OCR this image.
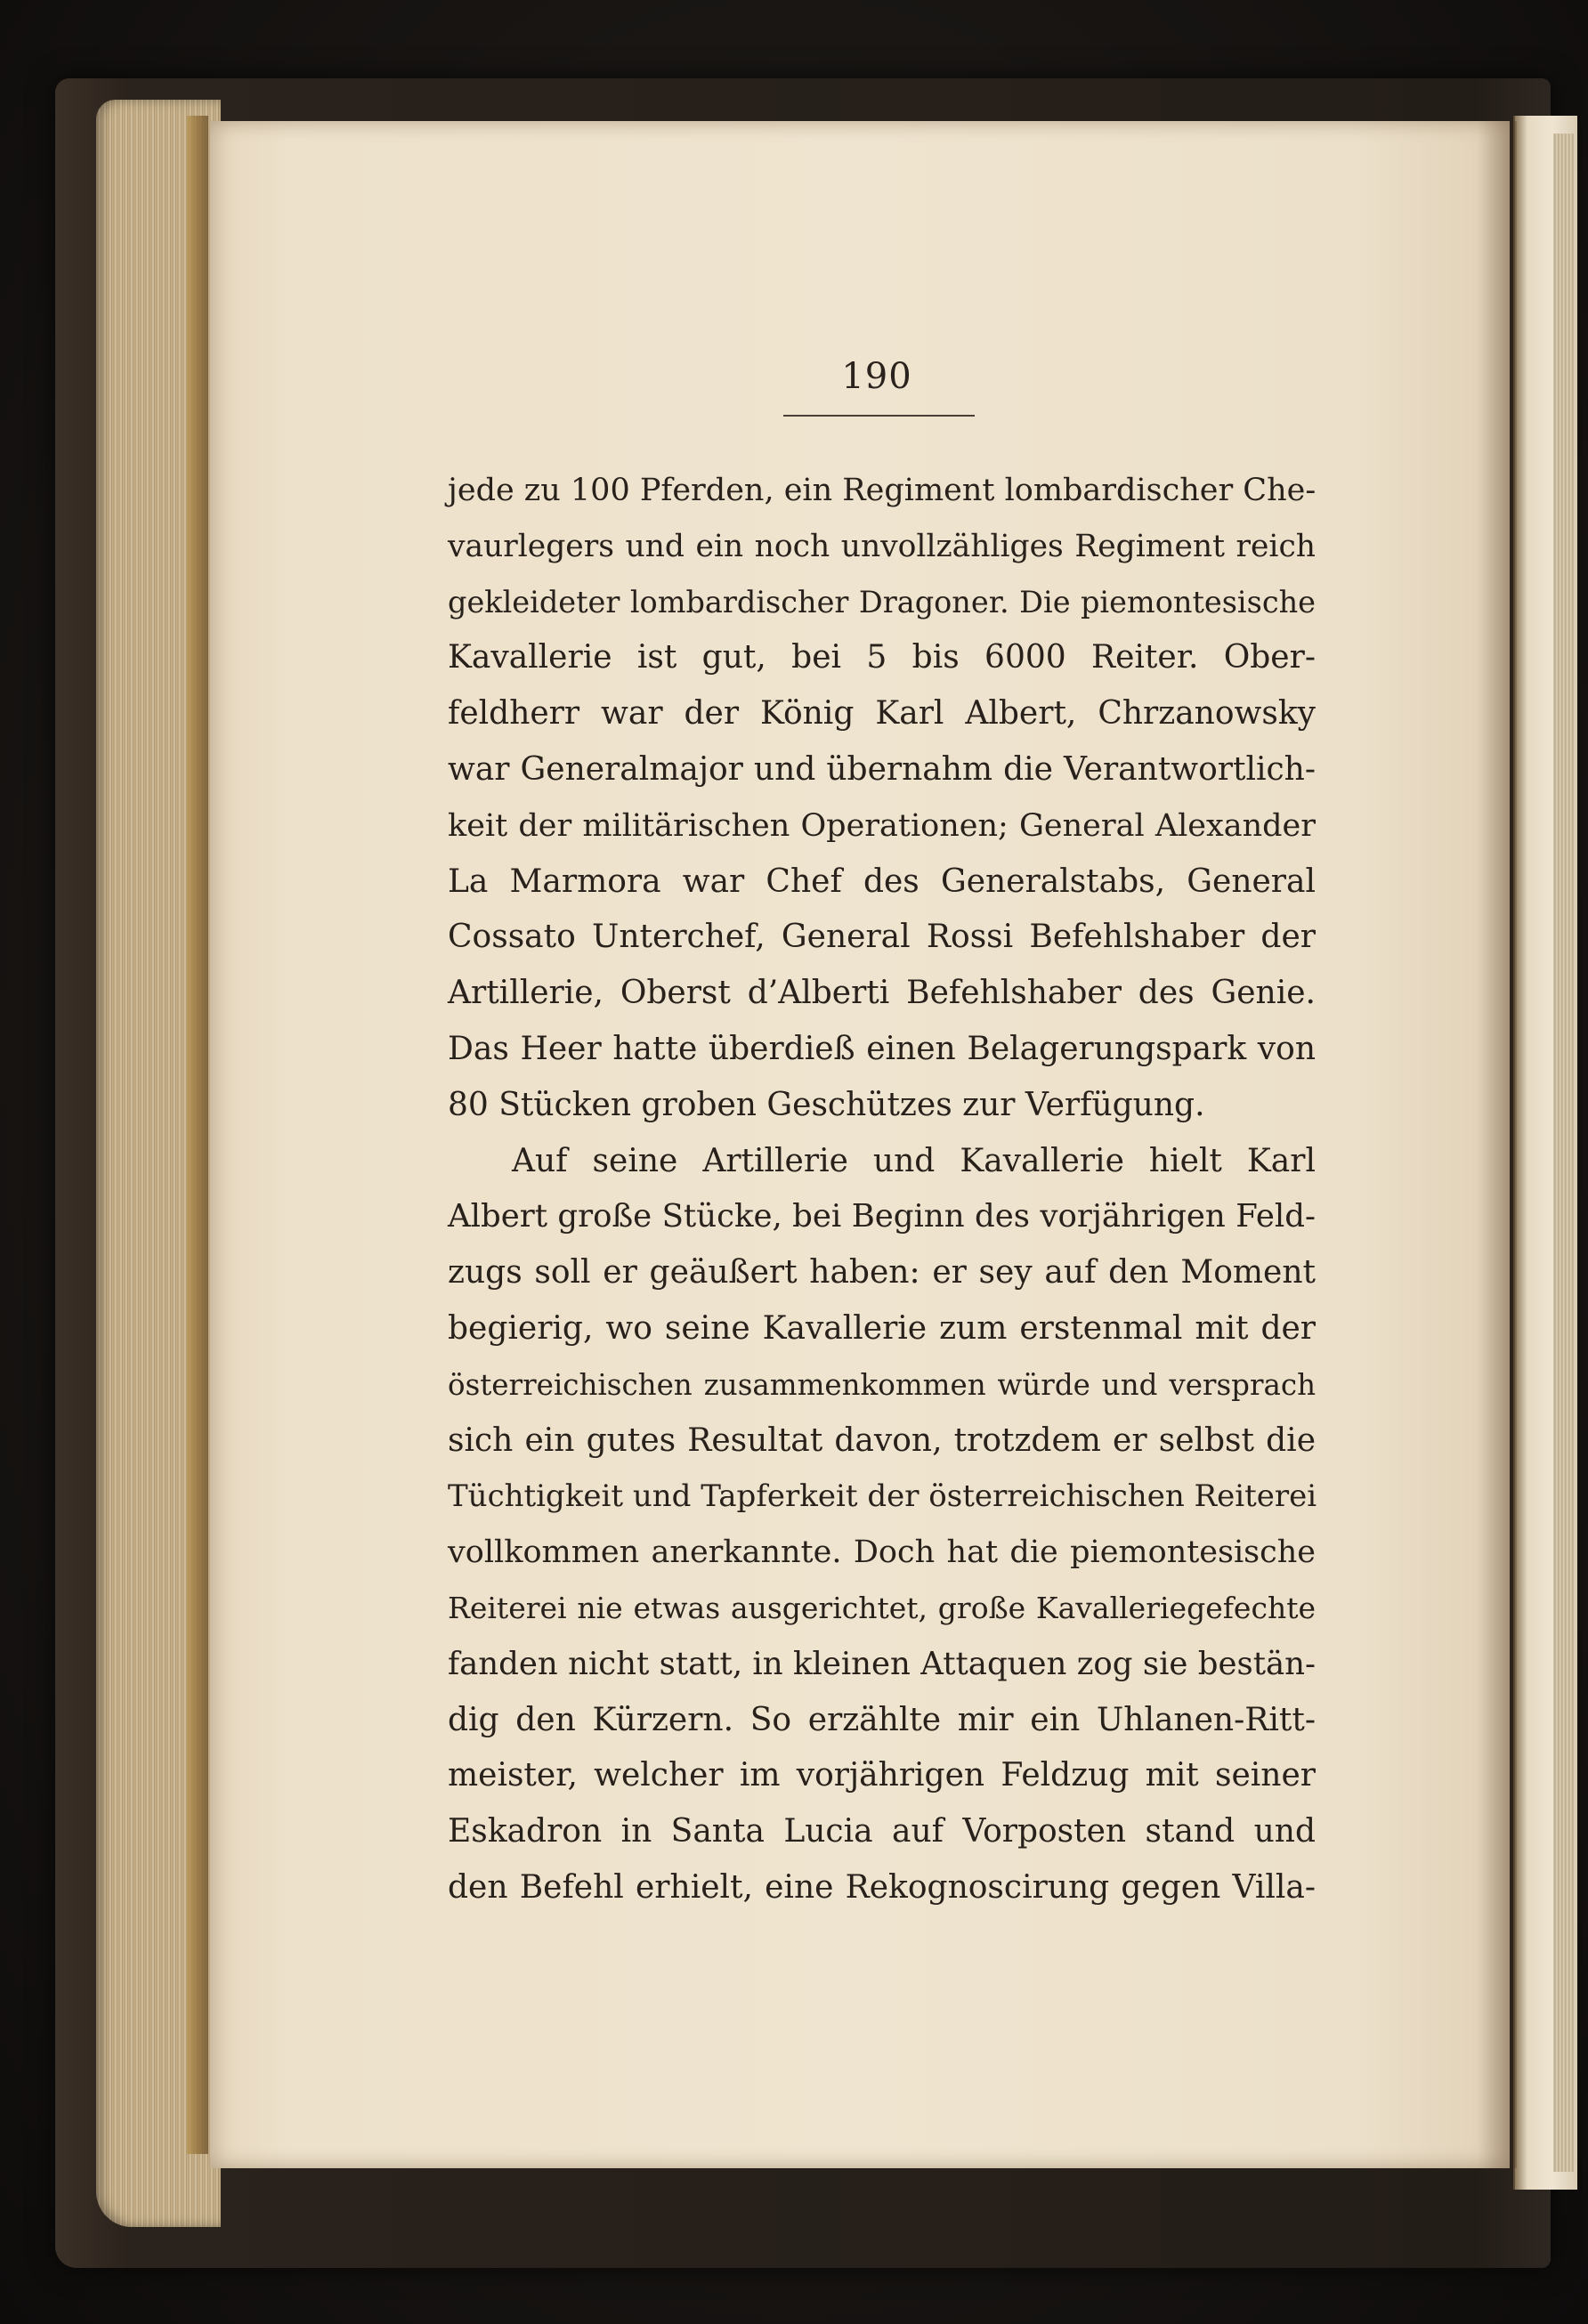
190
jede zu 100 Pferden, ein Regiment lombardischer Che-
vaurlegers und ein noch unvollzähliges Regiment reich
gekleideter lombardischer Dragoner. Die piemontesische
Kavallerie ist gut, bei 5 bis 6000 Reiter. Ober-
feldherr war der König Karl Albert, Chrzanowsky
war Generalmajor und übernahm die Verantwortlich-
keit der militärischen Operationen; General Alexander
La Marmora war Chef des Generalstabs, General
Cossato Unterchef, General Rossi Befehlshaber der
Artillerie, Oberst d’Alberti Befehlshaber des Genie.
Das Heer hatte überdieß einen Belagerungspark von
80 Stücken groben Geschützes zur Verfügung.
Auf seine Artillerie und Kavallerie hielt Karl
Albert große Stücke, bei Beginn des vorjährigen Feld-
zugs soll er geäußert haben: er sey auf den Moment
begierig, wo seine Kavallerie zum erstenmal mit der
österreichischen zusammenkommen würde und versprach
sich ein gutes Resultat davon, trotzdem er selbst die
Tüchtigkeit und Tapferkeit der österreichischen Reiterei
vollkommen anerkannte. Doch hat die piemontesische
Reiterei nie etwas ausgerichtet, große Kavalleriegefechte
fanden nicht statt, in kleinen Attaquen zog sie bestän-
dig den Kürzern. So erzählte mir ein Uhlanen-Ritt-
meister, welcher im vorjährigen Feldzug mit seiner
Eskadron in Santa Lucia auf Vorposten stand und
den Befehl erhielt, eine Rekognoscirung gegen Villa-
